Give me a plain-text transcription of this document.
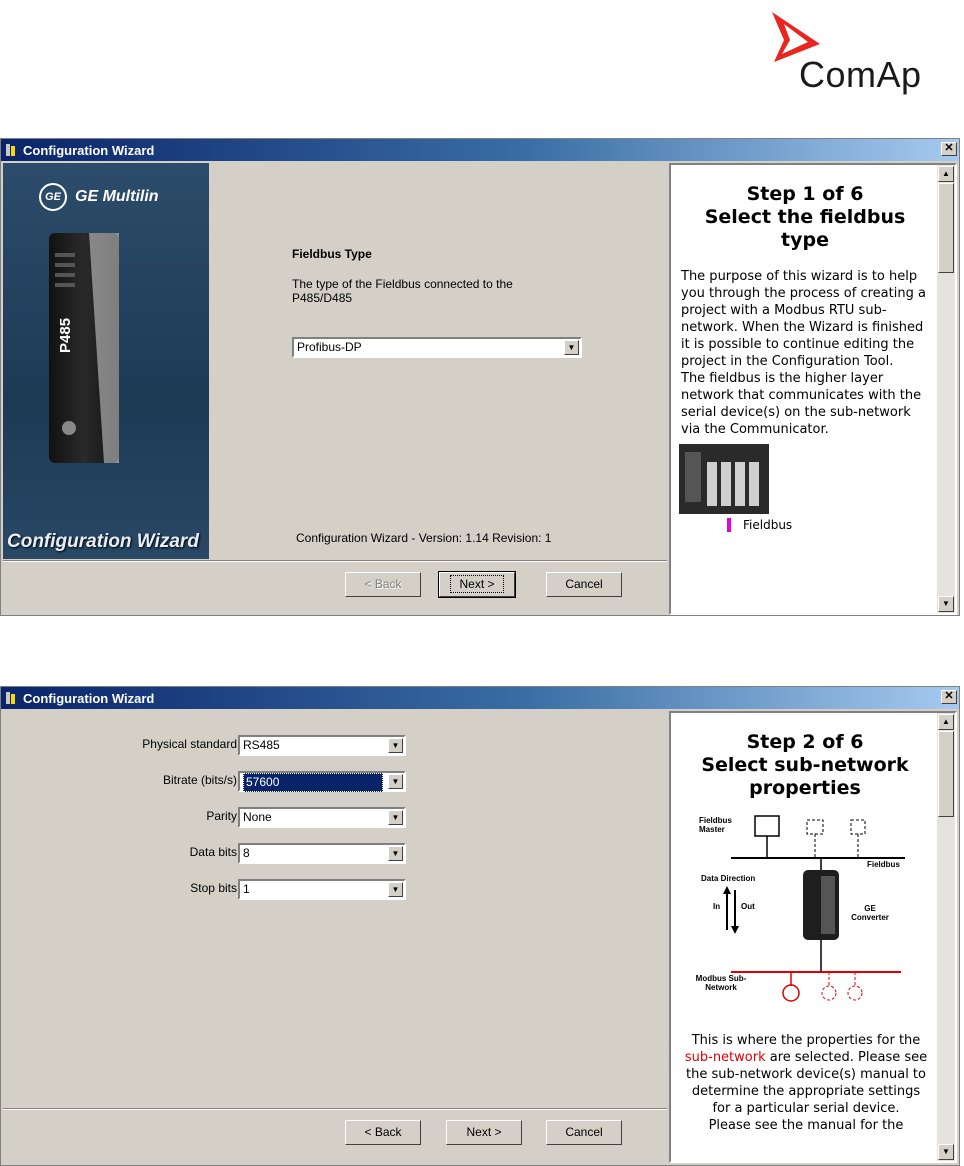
ComAp
Configuration Wizard	✕
GE GE Multilin
P485
Configuration Wizard
Fieldbus Type
The type of the Fieldbus connected to the P485/D485
Profibus-DP	▼
Configuration Wizard - Version: 1.14 Revision: 1
< Back	Next >	Cancel
Step 1 of 6
Select the fieldbus
type
The purpose of this wizard is to help you through the process of creating a project with a Modbus RTU sub-network. When the Wizard is finished it is possible to continue editing the project in the Configuration Tool.
The fieldbus is the higher layer network that communicates with the serial device(s) on the sub-network via the Communicator.
Fieldbus
▲
▼
Configuration Wizard	✕
Physical standard RS485	▼
Bitrate (bits/s) 57600	▼
Parity None	▼
Data bits 8	▼
Stop bits 1	▼
< Back	Next >	Cancel
Step 2 of 6
Select sub-network
properties
Fieldbus Master
Fieldbus
Data Direction
In	Out	GE Converter
Modbus Sub-Network
This is where the properties for the sub-network are selected. Please see the sub-network device(s) manual to determine the appropriate settings for a particular serial device.
Please see the manual for the
▲
▼
